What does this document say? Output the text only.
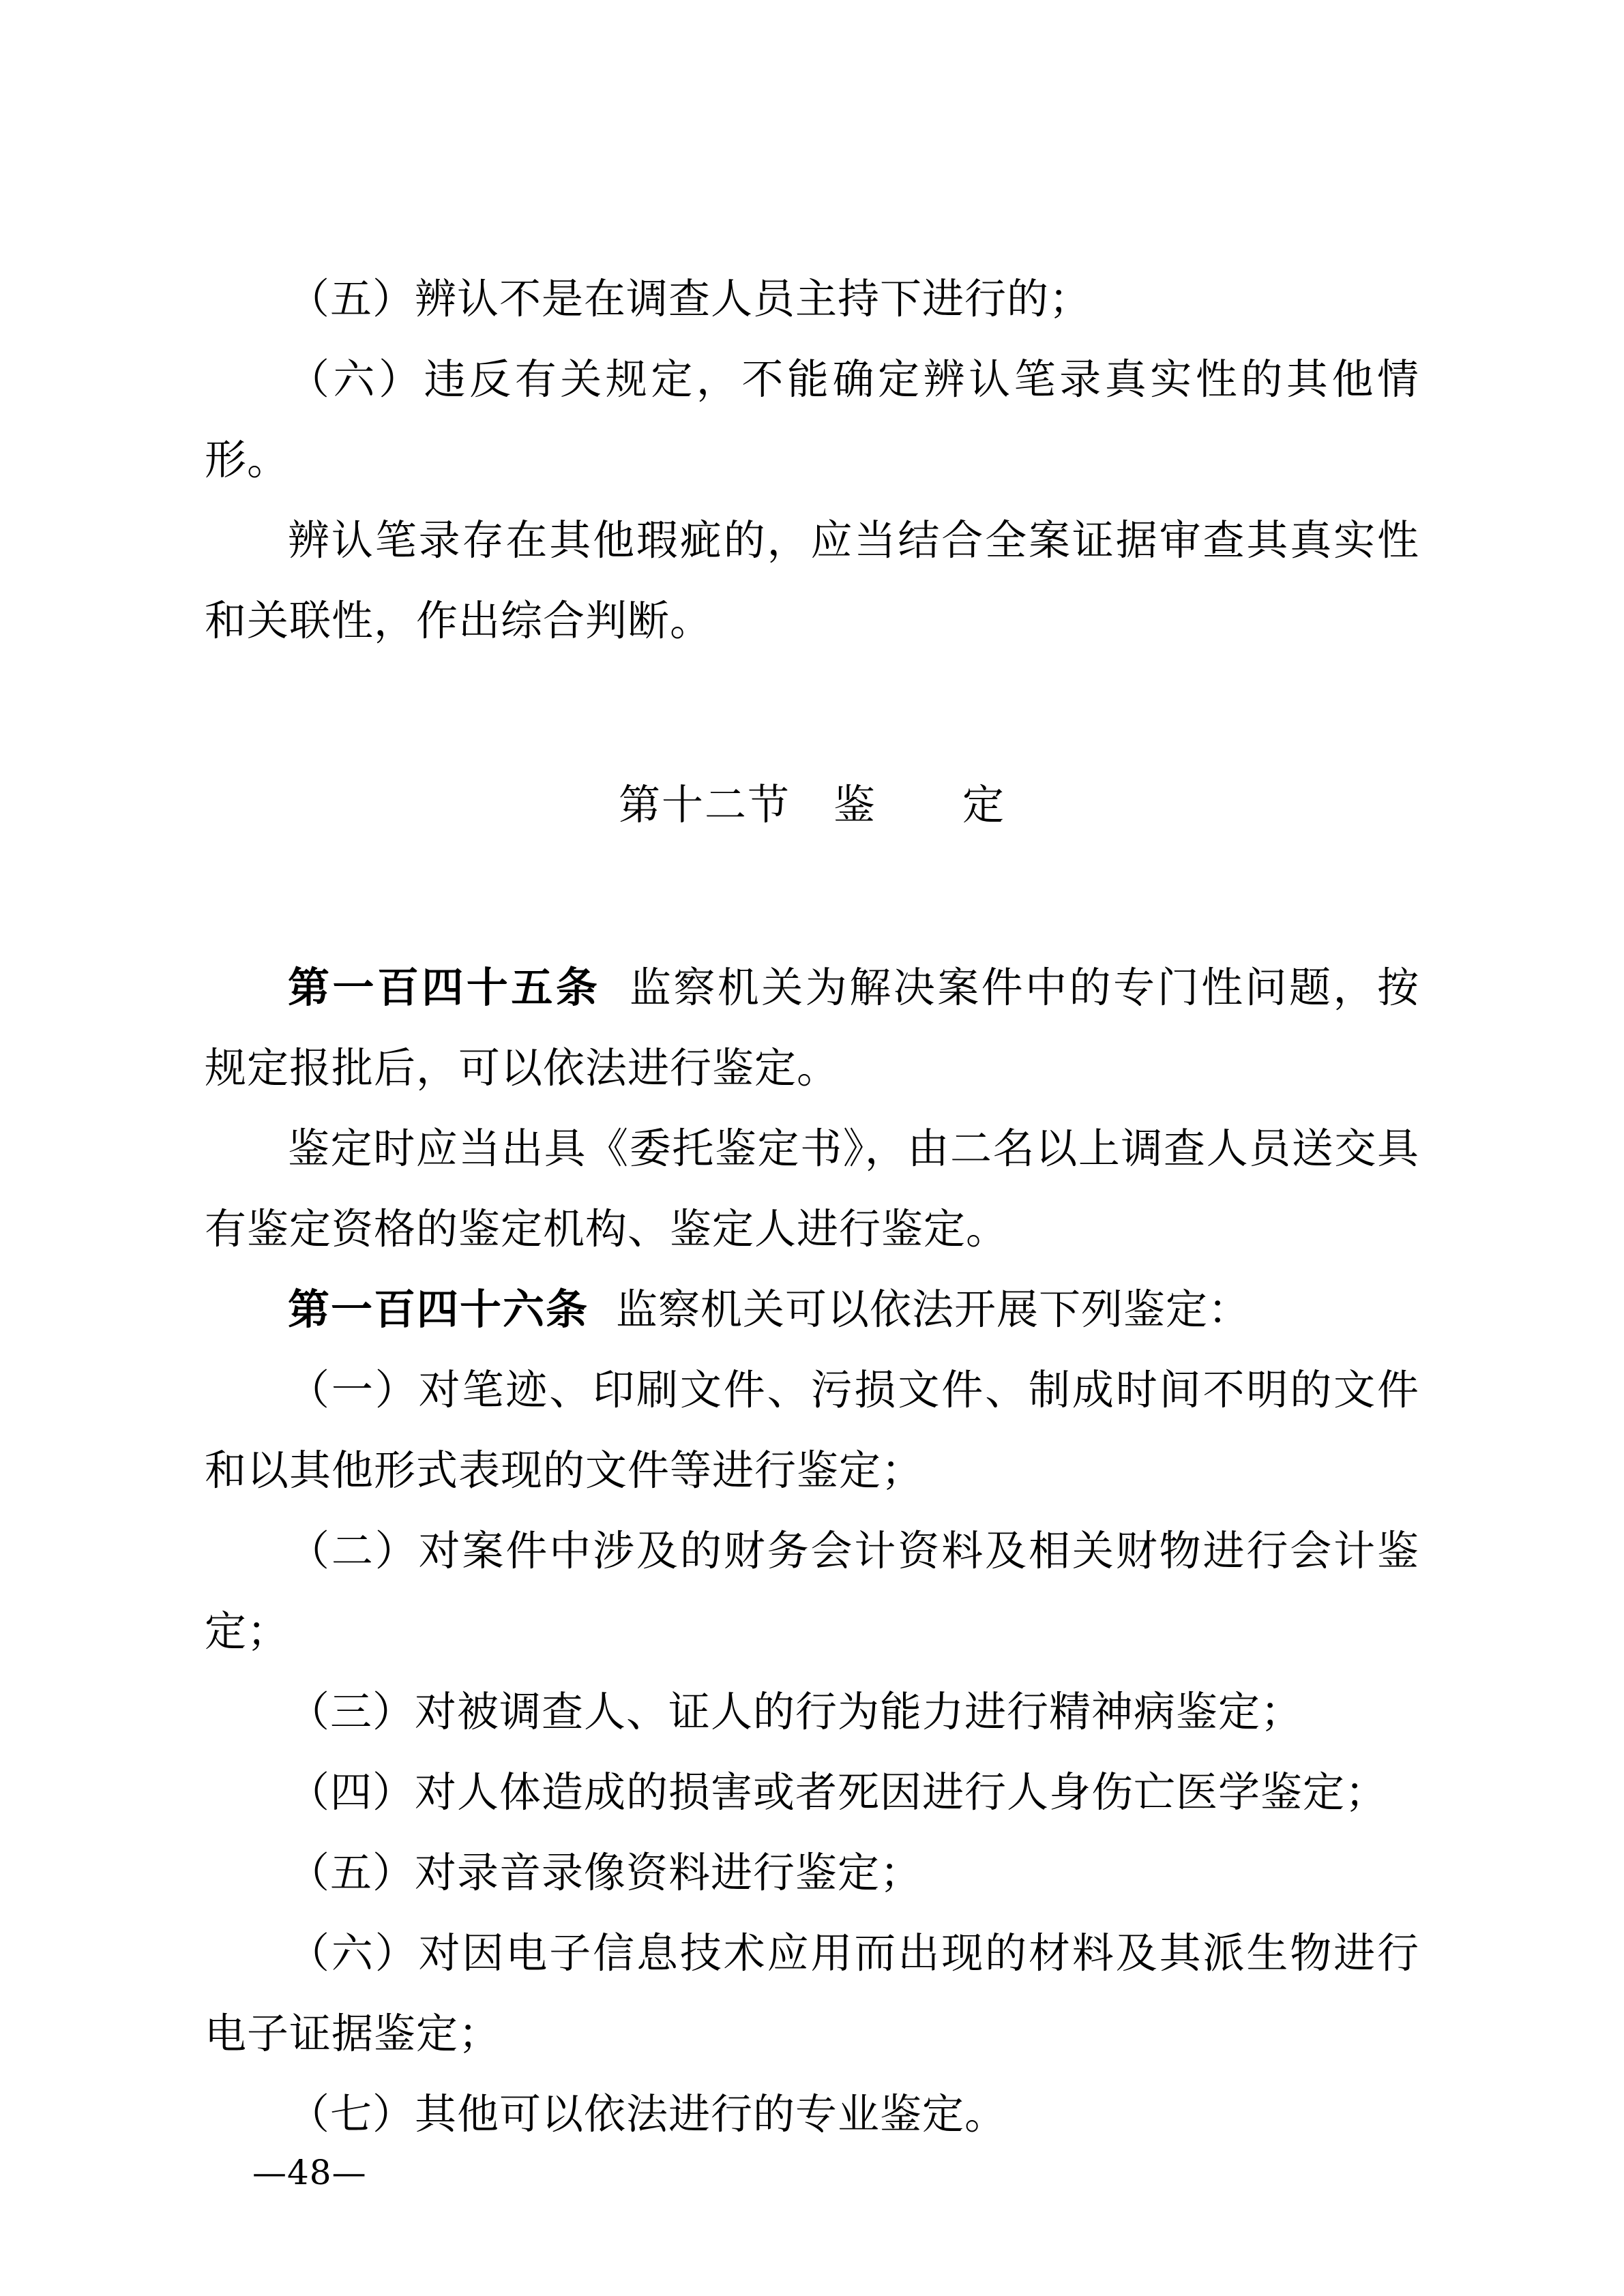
（五）辨认不是在调查人员主持下进行的；

（六）违反有关规定，不能确定辨认笔录真实性的其他情形。

辨认笔录存在其他瑕疵的，应当结合全案证据审查其真实性和关联性，作出综合判断。

第十二节　鉴　　定

第一百四十五条 监察机关为解决案件中的专门性问题，按规定报批后，可以依法进行鉴定。

鉴定时应当出具《委托鉴定书》，由二名以上调查人员送交具有鉴定资格的鉴定机构、鉴定人进行鉴定。

第一百四十六条 监察机关可以依法开展下列鉴定：

（一）对笔迹、印刷文件、污损文件、制成时间不明的文件和以其他形式表现的文件等进行鉴定；

（二）对案件中涉及的财务会计资料及相关财物进行会计鉴定；

（三）对被调查人、证人的行为能力进行精神病鉴定；

（四）对人体造成的损害或者死因进行人身伤亡医学鉴定；

（五）对录音录像资料进行鉴定；

（六）对因电子信息技术应用而出现的材料及其派生物进行电子证据鉴定；

（七）其他可以依法进行的专业鉴定。

—48—
